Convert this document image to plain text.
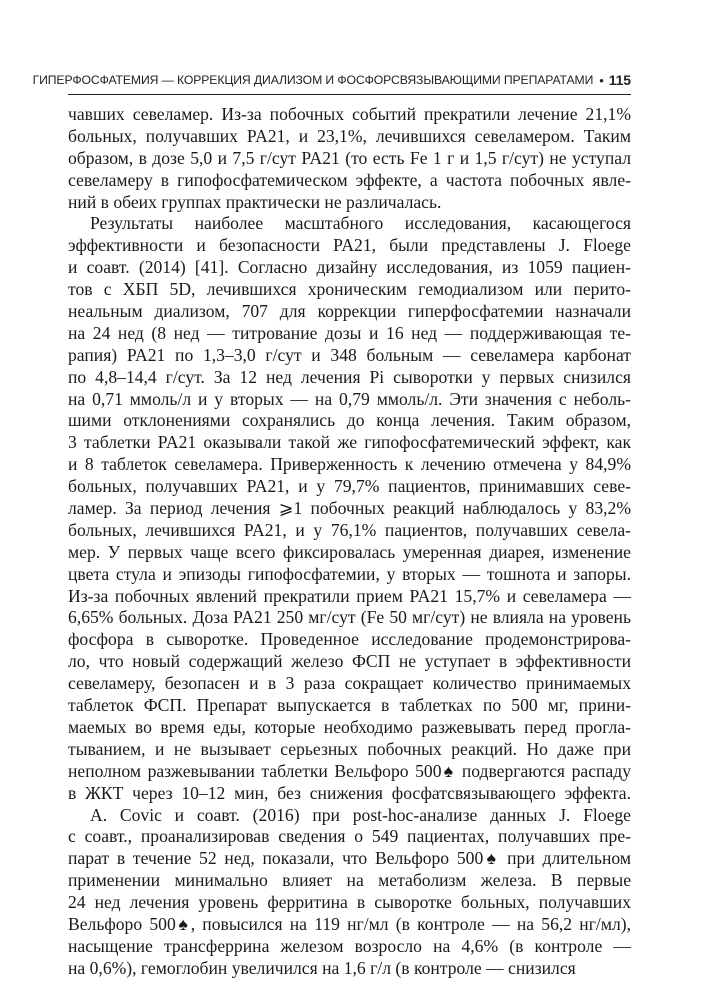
ГИПЕРФОСФАТЕМИЯ — КОРРЕКЦИЯ ДИАЛИЗОМ И ФОСФОРСВЯЗЫВАЮЩИМИ ПРЕПАРАТАМИ • 115
чавших севеламер. Из-за побочных событий прекратили лечение 21,1%
больных, получавших PA21, и 23,1%, лечившихся севеламером. Таким
образом, в дозе 5,0 и 7,5 г/сут PA21 (то есть Fe 1 г и 1,5 г/сут) не уступал
севеламеру в гипофосфатемическом эффекте, а частота побочных явле-
ний в обеих группах практически не различалась.
Результаты наиболее масштабного исследования, касающегося
эффективности и безопасности PA21, были представлены J. Floege
и соавт. (2014) [41]. Согласно дизайну исследования, из 1059 пациен-
тов с ХБП 5D, лечившихся хроническим гемодиализом или перито-
неальным диализом, 707 для коррекции гиперфосфатемии назначали
на 24 нед (8 нед — титрование дозы и 16 нед — поддерживающая те-
рапия) PA21 по 1,3–3,0 г/сут и 348 больным — севеламера карбонат
по 4,8–14,4 г/сут. За 12 нед лечения Pi сыворотки у первых снизился
на 0,71 ммоль/л и у вторых — на 0,79 ммоль/л. Эти значения с неболь-
шими отклонениями сохранялись до конца лечения. Таким образом,
3 таблетки PA21 оказывали такой же гипофосфатемический эффект, как
и 8 таблеток севеламера. Приверженность к лечению отмечена у 84,9%
больных, получавших PA21, и у 79,7% пациентов, принимавших севе-
ламер. За период лечения ⩾1 побочных реакций наблюдалось у 83,2%
больных, лечившихся PA21, и у 76,1% пациентов, получавших севела-
мер. У первых чаще всего фиксировалась умеренная диарея, изменение
цвета стула и эпизоды гипофосфатемии, у вторых — тошнота и запоры.
Из-за побочных явлений прекратили прием PA21 15,7% и севеламера —
6,65% больных. Доза PA21 250 мг/сут (Fe 50 мг/сут) не влияла на уровень
фосфора в сыворотке. Проведенное исследование продемонстрирова-
ло, что новый содержащий железо ФСП не уступает в эффективности
севеламеру, безопасен и в 3 раза сокращает количество принимаемых
таблеток ФСП. Препарат выпускается в таблетках по 500 мг, прини-
маемых во время еды, которые необходимо разжевывать перед проглa-
тыванием, и не вызывает серьезных побочных реакций. Но даже при
неполном разжевывании таблетки Вельфоро 500♠ подвергаются распаду
в ЖКТ через 10–12 мин, без снижения фосфатсвязывающего эффекта.
A. Covic и соавт. (2016) при post-hoc-анализе данных J. Floege
с соавт., проанализировав сведения о 549 пациентах, получавших пре-
парат в течение 52 нед, показали, что Вельфоро 500♠ при длительном
применении минимально влияет на метаболизм железа. В первые
24 нед лечения уровень ферритина в сыворотке больных, получавших
Вельфоро 500♠, повысился на 119 нг/мл (в контроле — на 56,2 нг/мл),
насыщение трансферрина железом возросло на 4,6% (в контроле —
на 0,6%), гемоглобин увеличился на 1,6 г/л (в контроле — снизился
